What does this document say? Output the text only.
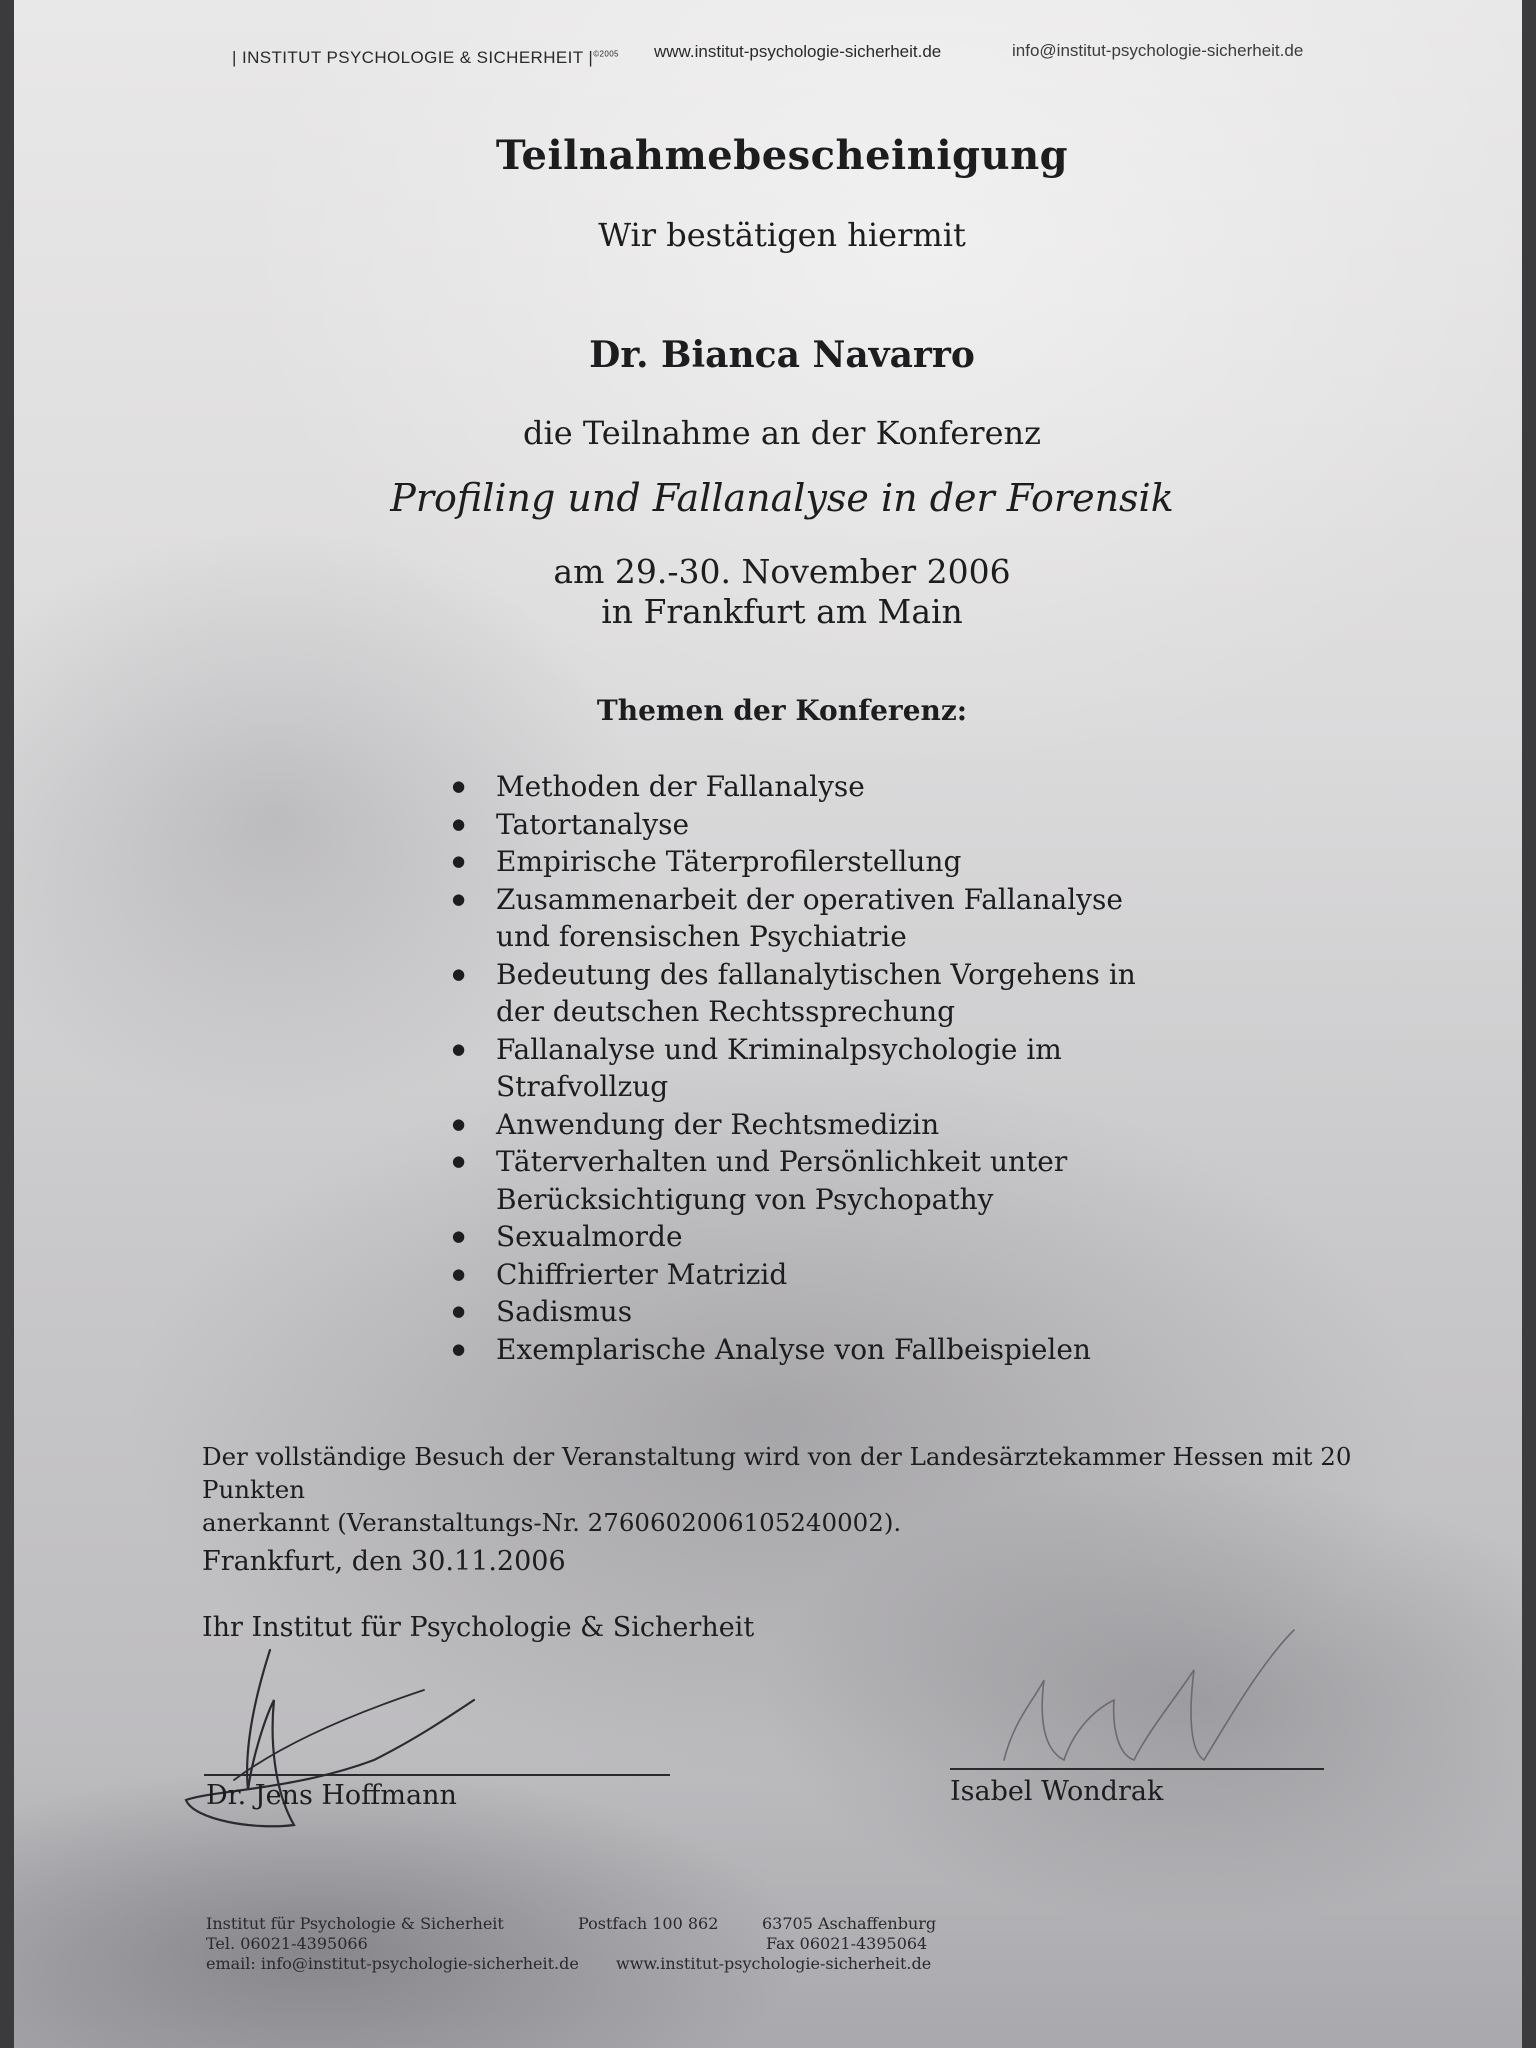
| INSTITUT PSYCHOLOGIE & SICHERHEIT $|^{©2005}$ www.institut-psychologie-sicherheit.de	info@institut-psychologie-sicherheit.de
Teilnahmebescheinigung
Wir bestätigen hiermit
Dr. Bianca Navarro
die Teilnahme an der Konferenz
Profiling und Fallanalyse in der Forensik
am 29.-30. November 2006
in Frankfurt am Main
Themen der Konferenz:
● Methoden der Fallanalyse
● Tatortanalyse
● Empirische Täterprofilerstellung
● Zusammenarbeit der operativen Fallanalyse und forensischen Psychiatrie
● Bedeutung des fallanalytischen Vorgehens in der deutschen Rechtssprechung
● Fallanalyse und Kriminalpsychologie im Strafvollzug
● Anwendung der Rechtsmedizin
● Täterverhalten und Persönlichkeit unter Berücksichtigung von Psychopathy
● Sexualmorde
● Chiffrierter Matrizid
● Sadismus
● Exemplarische Analyse von Fallbeispielen
Der vollständige Besuch der Veranstaltung wird von der Landesärztekammer Hessen mit 20 Punkten
anerkannt (Veranstaltungs-Nr. 2760602006105240002).
Frankfurt, den 30.11.2006
Ihr Institut für Psychologie & Sicherheit
Dr. Jens Hoffmann	Isabel Wondrak
Institut für Psychologie & Sicherheit	Postfach 100 862	63705 Aschaffenburg
Tel. 06021-4395066	Fax 06021-4395064
email: info@institut-psychologie-sicherheit.de www.institut-psychologie-sicherheit.de
